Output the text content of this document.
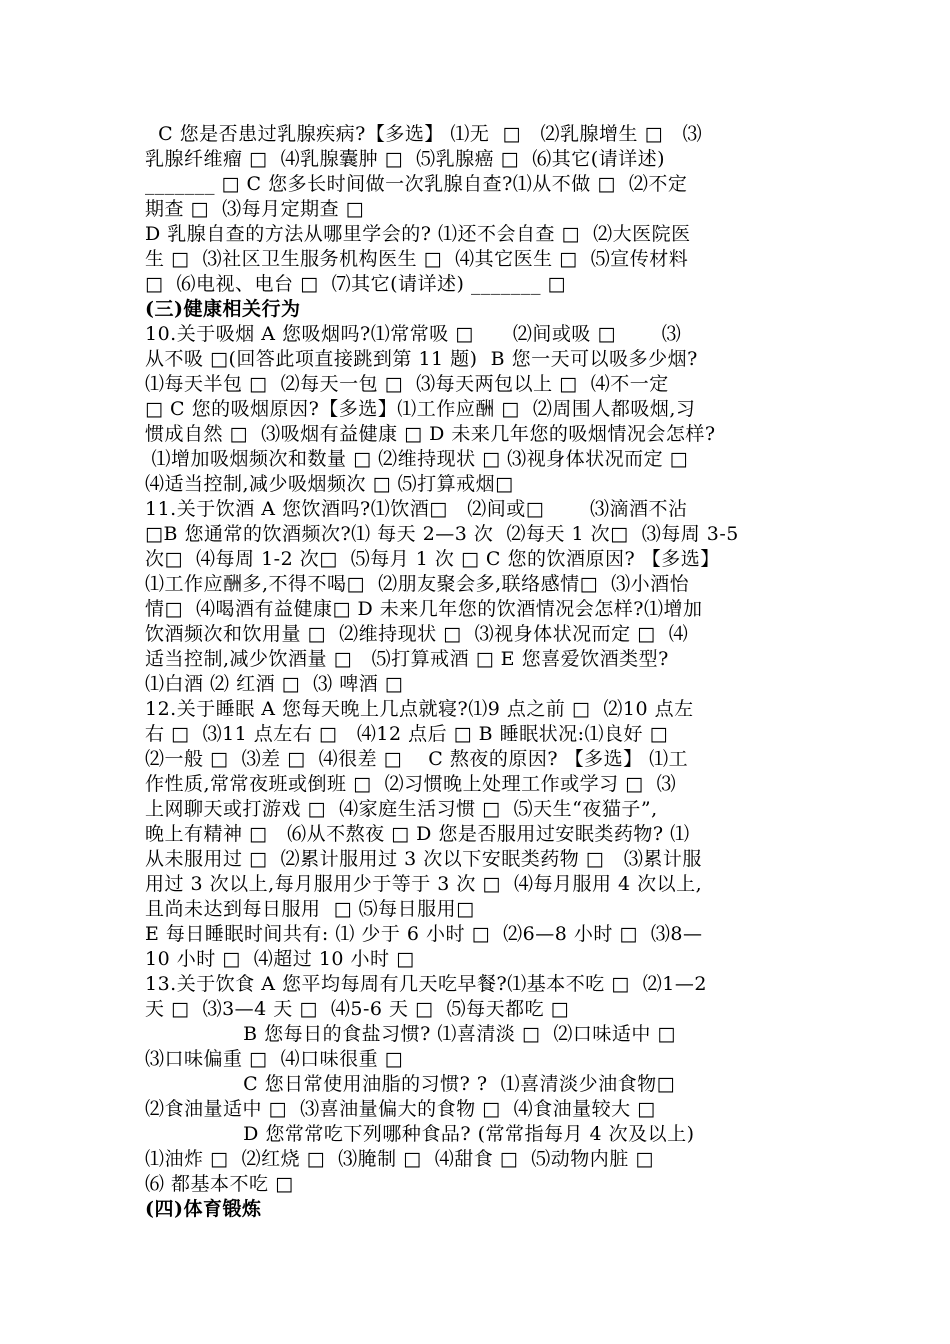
C 您是否患过乳腺疾病?【多选】 ⑴无  □   ⑵乳腺增生 □   ⑶
乳腺纤维瘤 □  ⑷乳腺囊肿 □  ⑸乳腺癌 □  ⑹其它(请详述)
_______ □ C 您多长时间做一次乳腺自查?⑴从不做 □  ⑵不定
期查 □  ⑶每月定期查 □
D 乳腺自查的方法从哪里学会的? ⑴还不会自查 □  ⑵大医院医
生 □  ⑶社区卫生服务机构医生 □  ⑷其它医生 □  ⑸宣传材料
□  ⑹电视、电台 □  ⑺其它(请详述) _______ □
(三)健康相关行为
10.关于吸烟 A 您吸烟吗?⑴常常吸 □      ⑵间或吸 □       ⑶
从不吸 □(回答此项直接跳到第 11 题)  B 您一天可以吸多少烟?
⑴每天半包 □  ⑵每天一包 □  ⑶每天两包以上 □  ⑷不一定
□ C 您的吸烟原因?【多选】⑴工作应酬 □  ⑵周围人都吸烟,习
惯成自然 □  ⑶吸烟有益健康 □ D 未来几年您的吸烟情况会怎样?
⑴增加吸烟频次和数量 □ ⑵维持现状 □ ⑶视身体状况而定 □
⑷适当控制,减少吸烟频次 □ ⑸打算戒烟□
11.关于饮酒 A 您饮酒吗?⑴饮酒□   ⑵间或□       ⑶滴酒不沾
□B 您通常的饮酒频次?⑴ 每天 2—3 次  ⑵每天 1 次□  ⑶每周 3-5
次□  ⑷每周 1-2 次□  ⑸每月 1 次 □ C 您的饮酒原因? 【多选】
⑴工作应酬多,不得不喝□  ⑵朋友聚会多,联络感情□  ⑶小酒怡
情□  ⑷喝酒有益健康□ D 未来几年您的饮酒情况会怎样?⑴增加
饮酒频次和饮用量 □  ⑵维持现状 □  ⑶视身体状况而定 □  ⑷
适当控制,减少饮酒量 □   ⑸打算戒酒 □ E 您喜爱饮酒类型?
⑴白酒 ⑵ 红酒 □  ⑶ 啤酒 □
12.关于睡眠 A 您每天晚上几点就寝?⑴9 点之前 □  ⑵10 点左
右 □  ⑶11 点左右 □   ⑷12 点后 □ B 睡眠状况:⑴良好 □
⑵一般 □  ⑶差 □  ⑷很差 □    C 熬夜的原因? 【多选】 ⑴工
作性质,常常夜班或倒班 □  ⑵习惯晚上处理工作或学习 □  ⑶
上网聊天或打游戏 □  ⑷家庭生活习惯 □  ⑸天生“夜猫子”,
晚上有精神 □   ⑹从不熬夜 □ D 您是否服用过安眠类药物? ⑴
从未服用过 □  ⑵累计服用过 3 次以下安眠类药物 □   ⑶累计服
用过 3 次以上,每月服用少于等于 3 次 □  ⑷每月服用 4 次以上,
且尚未达到每日服用  □ ⑸每日服用□
E 每日睡眠时间共有: ⑴ 少于 6 小时 □  ⑵6—8 小时 □  ⑶8—
10 小时 □  ⑷超过 10 小时 □
13.关于饮食 A 您平均每周有几天吃早餐?⑴基本不吃 □  ⑵1—2
天 □  ⑶3—4 天 □  ⑷5-6 天 □  ⑸每天都吃 □
B 您每日的食盐习惯? ⑴喜清淡 □  ⑵口味适中 □
⑶口味偏重 □  ⑷口味很重 □
C 您日常使用油脂的习惯? ?  ⑴喜清淡少油食物□
⑵食油量适中 □  ⑶喜油量偏大的食物 □  ⑷食油量较大 □
D 您常常吃下列哪种食品? (常常指每月 4 次及以上)
⑴油炸 □  ⑵红烧 □  ⑶腌制 □  ⑷甜食 □  ⑸动物内脏 □
⑹ 都基本不吃 □
(四)体育锻炼
